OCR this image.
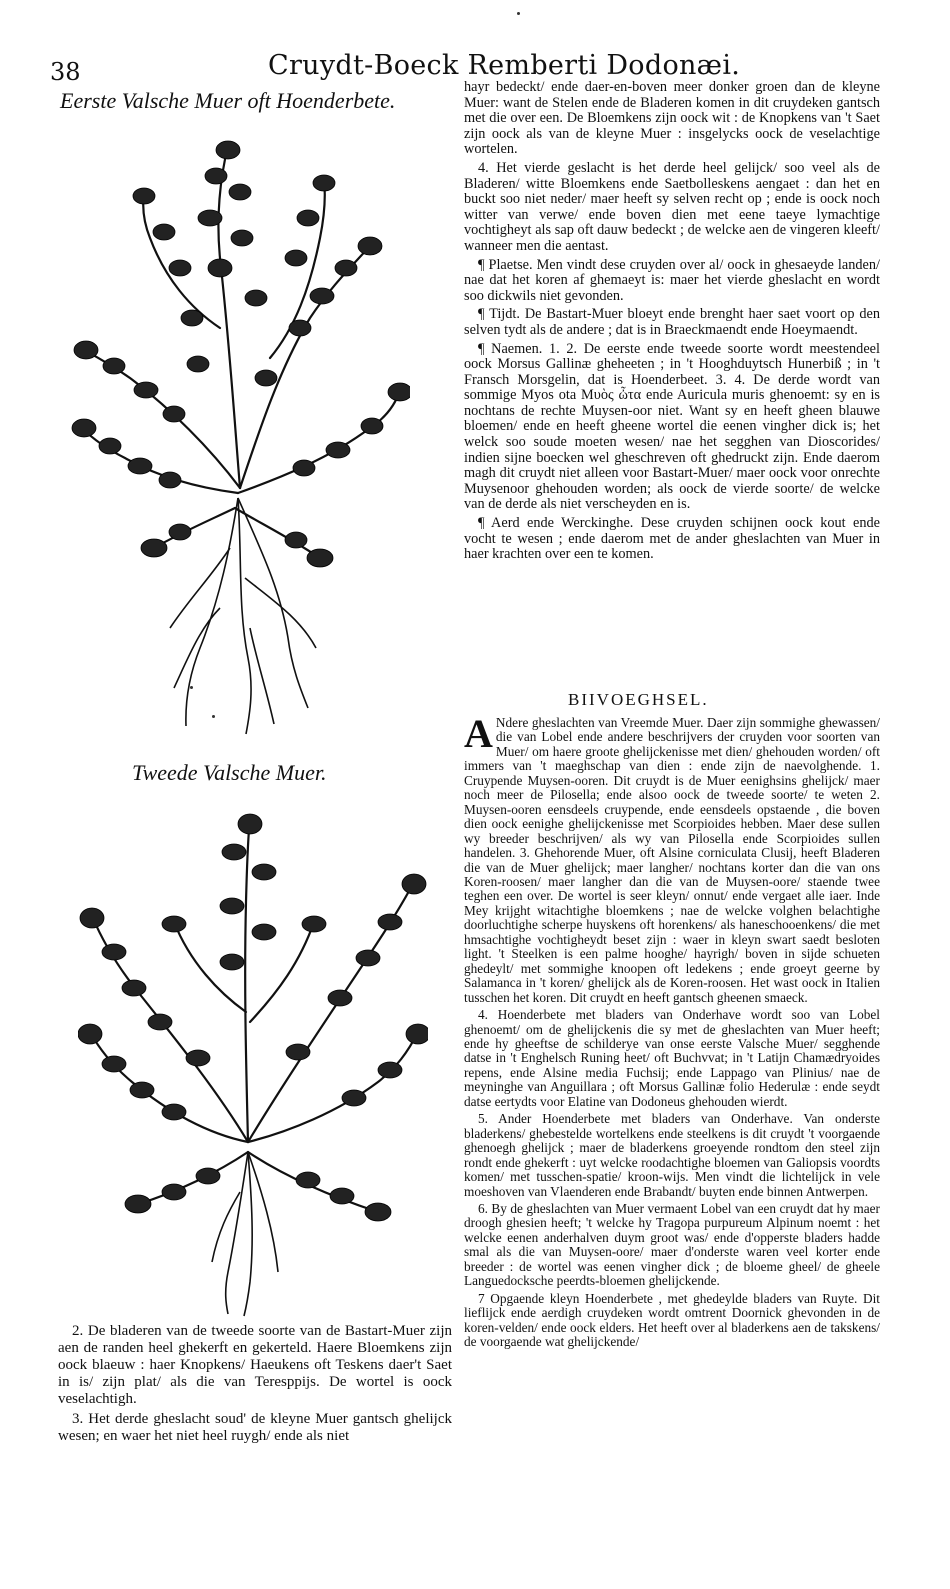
38	Cruydt-Boeck Remberti Dodonæi.
Eerste Valsche Muer oft Hoenderbete.
Tweede Valsche Muer.

hayr bedeckt/ ende daer-en-boven meer donker groen dan de kleyne Muer: want de Stelen ende de Bladeren komen in dit cruydeken gantsch met die over een. De Bloemkens zijn oock wit : de Knopkens van 't Saet zijn oock als van de kleyne Muer : insgelycks oock de veselachtige wortelen.

4. Het vierde geslacht is het derde heel gelijck/ soo veel als de Bladeren/ witte Bloemkens ende Saetbolleskens aengaet : dan het en buckt soo niet neder/ maer heeft sy selven recht op ; ende is oock noch witter van verwe/ ende boven dien met eene taeye lymachtige vochtigheyt als sap oft dauw bedeckt ; de welcke aen de vingeren kleeft/ wanneer men die aentast.

¶ Plaetse. Men vindt dese cruyden over al/ oock in ghesaeyde landen/ nae dat het koren af ghemaeyt is: maer het vierde gheslacht en wordt soo dickwils niet gevonden.

¶ Tijdt. De Bastart-Muer bloeyt ende brenght haer saet voort op den selven tydt als de andere ; dat is in Braeckmaendt ende Hoeymaendt.

¶ Naemen. 1. 2. De eerste ende tweede soorte wordt meestendeel oock Morsus Gallinæ gheheeten ; in 't Hooghduytsch Hunerbiß ; in 't Fransch Morsgelin, dat is Hoenderbeet. 3. 4. De derde wordt van sommige Myos ota Μυὸς ὦτα ende Auricula muris ghenoemt: sy en is nochtans de rechte Muysen-oor niet. Want sy en heeft gheen blauwe bloemen/ ende en heeft gheene wortel die eenen vingher dick is; het welck soo soude moeten wesen/ nae het segghen van Dioscorides/ indien sijne boecken wel gheschreven oft ghedruckt zijn. Ende daerom magh dit cruydt niet alleen voor Bastart-Muer/ maer oock voor onrechte Muysenoor ghehouden worden; als oock de vierde soorte/ de welcke van de derde als niet verscheyden en is.

¶ Aerd ende Werckinghe. Dese cruyden schijnen oock kout ende vocht te wesen ; ende daerom met de ander gheslachten van Muer in haer krachten over een te komen.

BIIVOEGHSEL.

A Ndere gheslachten van Vreemde Muer. Daer zijn sommighe ghewassen/ die van Lobel ende andere beschrijvers der cruyden voor soorten van Muer/ om haere groote ghelijckenisse met dien/ ghehouden worden/ oft immers van 't maeghschap van dien : ende zijn de naevolghende. 1. Cruypende Muysen-ooren. Dit cruydt is de Muer eenighsins ghelijck/ maer noch meer de Pilosella; ende alsoo oock de tweede soorte/ te weten 2. Muysen-ooren eensdeels cruypende, ende eensdeels opstaende , die boven dien oock eenighe ghelijckenisse met Scorpioides hebben. Maer dese sullen wy breeder beschrijven/ als wy van Pilosella ende Scorpioides sullen handelen. 3. Ghehorende Muer, oft Alsine corniculata Clusij, heeft Bladeren die van de Muer ghelijck; maer langher/ nochtans korter dan die van ons Koren-roosen/ maer langher dan die van de Muysen-oore/ staende twee teghen een over. De wortel is seer kleyn/ onnut/ ende vergaet alle iaer. Inde Mey krijght witachtighe bloemkens ; nae de welcke volghen belachtighe doorluchtighe scherpe huyskens oft horenkens/ als haneschooenkens/ die met hmsachtighe vochtigheydt beset zijn : waer in kleyn swart saedt besloten light. 't Steelken is een palme hooghe/ hayrigh/ boven in sijde schueten ghedeylt/ met sommighe knoopen oft ledekens ; ende groeyt geerne by Salamanca in 't koren/ ghelijck als de Koren-roosen. Het wast oock in Italien tusschen het koren. Dit cruydt en heeft gantsch gheenen smaeck.

4. Hoenderbete met bladers van Onderhave wordt soo van Lobel ghenoemt/ om de ghelijckenis die sy met de gheslachten van Muer heeft; ende hy gheeftse de schilderye van onse eerste Valsche Muer/ segghende datse in 't Enghelsch Runing heet/ oft Buchvvat; in 't Latijn Chamædryoides repens, ende Alsine media Fuchsij; ende Lappago van Plinius/ nae de meyninghe van Anguillara ; oft Morsus Gallinæ folio Hederulæ : ende seydt datse eertydts voor Elatine van Dodoneus ghehouden wierdt.

5. Ander Hoenderbete met bladers van Onderhave. Van onderste bladerkens/ ghebestelde wortelkens ende steelkens is dit cruydt 't voorgaende ghenoegh ghelijck ; maer de bladerkens groeyende rondtom den steel zijn rondt ende ghekerft : uyt welcke roodachtighe bloemen van Galiopsis voordts komen/ met tusschen-spatie/ kroon-wijs. Men vindt die lichtelijck in vele moeshoven van Vlaenderen ende Brabandt/ buyten ende binnen Antwerpen.

6. By de gheslachten van Muer vermaent Lobel van een cruydt dat hy maer droogh ghesien heeft; 't welcke hy Tragopa purpureum Alpinum noemt : het welcke eenen anderhalven duym groot was/ ende d'opperste bladers hadde smal als die van Muysen-oore/ maer d'onderste waren veel korter ende breeder : de wortel was eenen vingher dick ; de bloeme gheel/ de gheele Languedocksche peerdts-bloemen ghelijckende.

7 Opgaende kleyn Hoenderbete , met ghedeylde bladers van Ruyte. Dit lieflijck ende aerdigh cruydeken wordt omtrent Doornick ghevonden in de koren-velden/ ende oock elders. Het heeft over al bladerkens aen de takskens/ de voorgaende wat ghelijckende/

2. De bladeren van de tweede soorte van de Bastart-Muer zijn aen de randen heel ghekerft en gekerteld. Haere Bloemkens zijn oock blaeuw : haer Knopkens/ Haeukens oft Teskens daer't Saet in is/ zijn plat/ als die van Teresppijs. De wortel is oock veselachtigh.

3. Het derde gheslacht soud' de kleyne Muer gantsch ghelijck wesen; en waer het niet heel ruygh/ ende als niet
